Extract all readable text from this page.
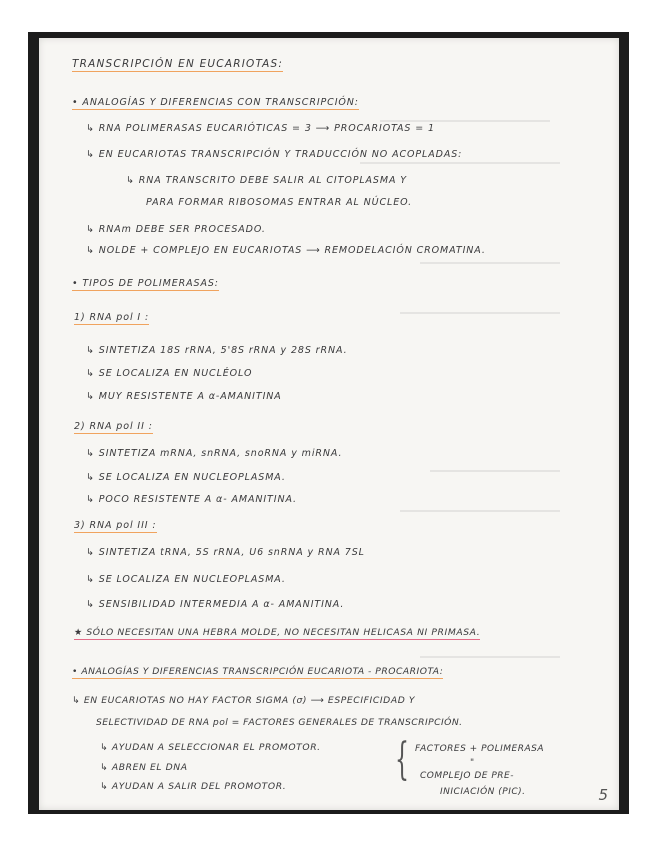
TRANSCRIPCIÓN EN EUCARIOTAS:
• ANALOGÍAS Y DIFERENCIAS CON TRANSCRIPCIÓN:
↳ RNA POLIMERASAS EUCARIÓTICAS = 3 ⟶ PROCARIOTAS = 1
↳ EN EUCARIOTAS TRANSCRIPCIÓN Y TRADUCCIÓN NO ACOPLADAS:
↳ RNA TRANSCRITO DEBE SALIR AL CITOPLASMA Y
PARA FORMAR RIBOSOMAS ENTRAR AL NÚCLEO.
↳ RNAm DEBE SER PROCESADO.
↳ NOLDE + COMPLEJO EN EUCARIOTAS ⟶ REMODELACIÓN CROMATINA.
• TIPOS DE POLIMERASAS:
1) RNA pol I :
↳ SINTETIZA 18S rRNA, 5'8S rRNA y 28S rRNA.
↳ SE LOCALIZA EN NUCLÉOLO
↳ MUY RESISTENTE A α-AMANITINA
2) RNA pol II :
↳ SINTETIZA mRNA, snRNA, snoRNA y miRNA.
↳ SE LOCALIZA EN NUCLEOPLASMA.
↳ POCO RESISTENTE A α- AMANITINA.
3) RNA pol III :
↳ SINTETIZA tRNA, 5S rRNA, U6 snRNA y RNA 7SL
↳ SE LOCALIZA EN NUCLEOPLASMA.
↳ SENSIBILIDAD INTERMEDIA A α- AMANITINA.
★ SÓLO NECESITAN UNA HEBRA MOLDE, NO NECESITAN HELICASA NI PRIMASA.
• ANALOGÍAS Y DIFERENCIAS TRANSCRIPCIÓN EUCARIOTA - PROCARIOTA:
↳ EN EUCARIOTAS NO HAY FACTOR SIGMA (σ) ⟶ ESPECIFICIDAD Y
SELECTIVIDAD DE RNA pol = FACTORES GENERALES DE TRANSCRIPCIÓN.
↳ AYUDAN A SELECCIONAR EL PROMOTOR.
↳ ABREN EL DNA
↳ AYUDAN A SALIR DEL PROMOTOR.
{ FACTORES + POLIMERASA
"
COMPLEJO DE PRE-
INICIACIÓN (PIC).	5
